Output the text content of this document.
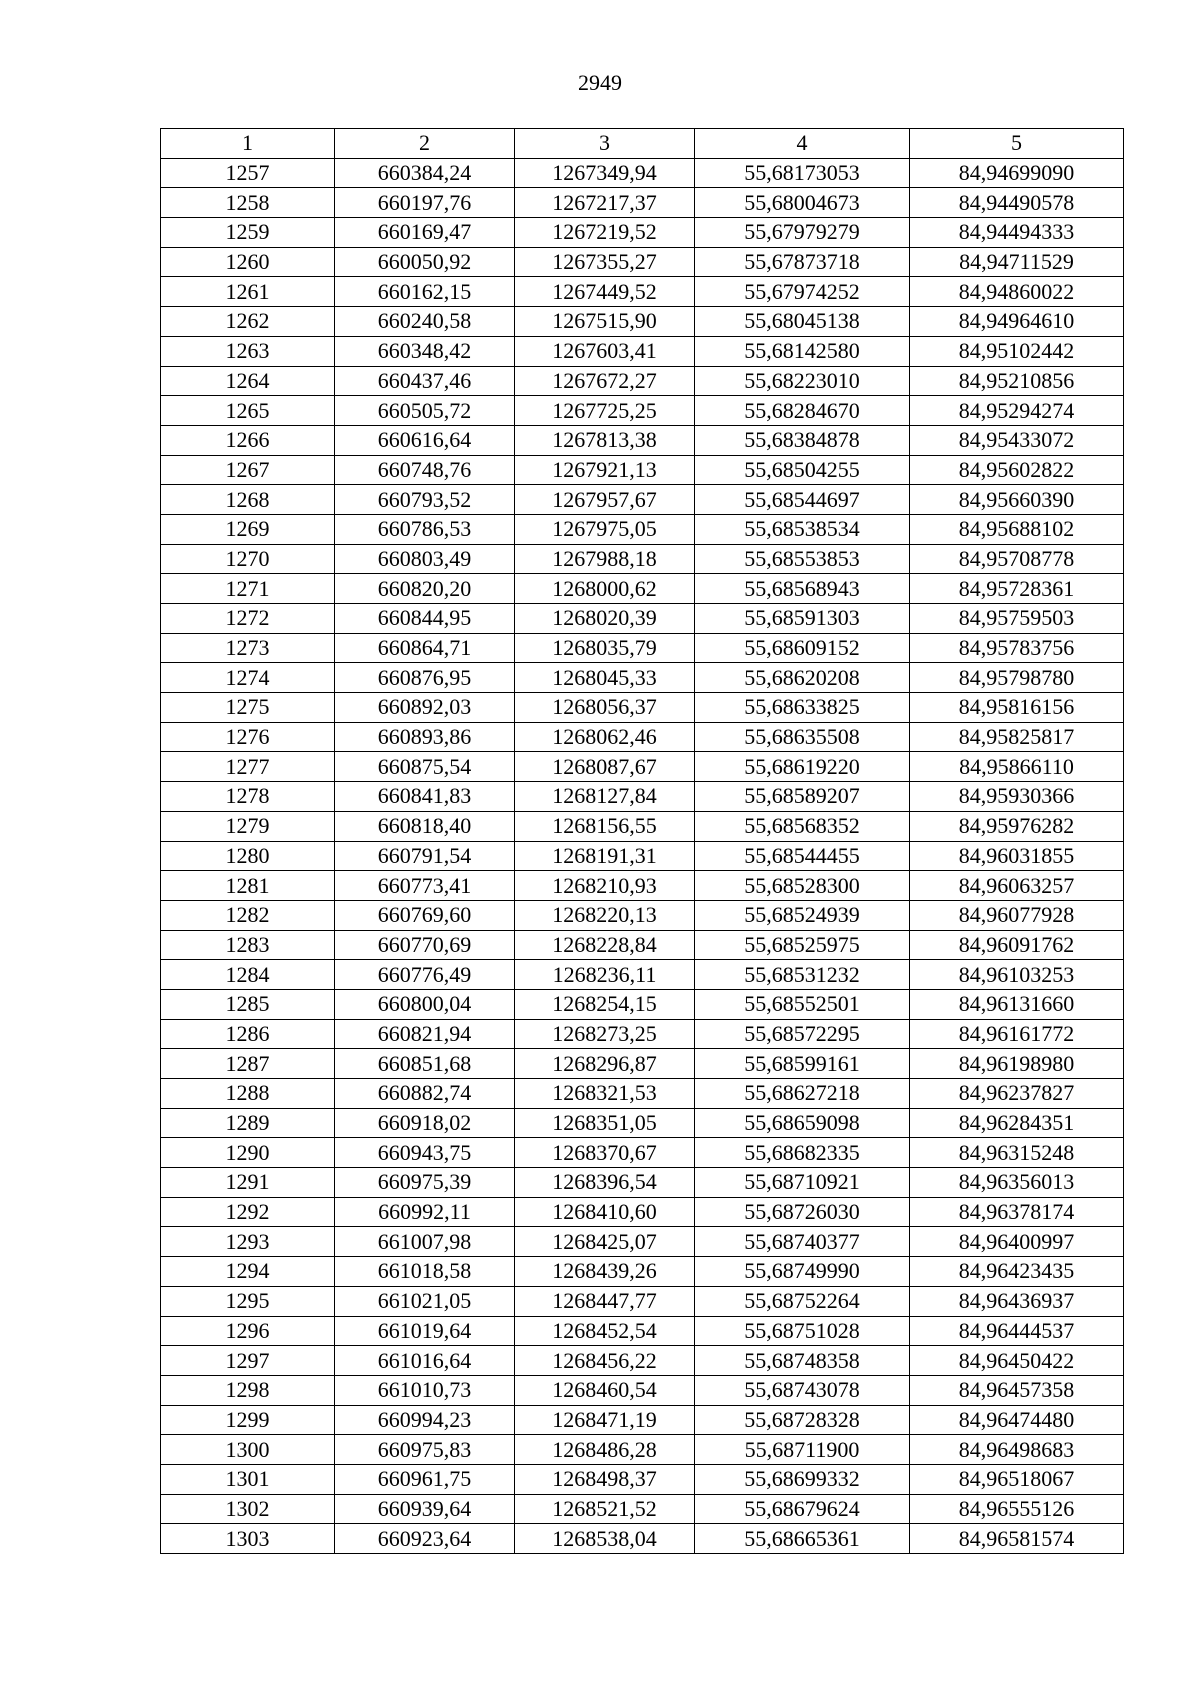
2949
1	2	3	4	5
1257	660384,24	1267349,94	55,68173053	84,94699090
1258	660197,76	1267217,37	55,68004673	84,94490578
1259	660169,47	1267219,52	55,67979279	84,94494333
1260	660050,92	1267355,27	55,67873718	84,94711529
1261	660162,15	1267449,52	55,67974252	84,94860022
1262	660240,58	1267515,90	55,68045138	84,94964610
1263	660348,42	1267603,41	55,68142580	84,95102442
1264	660437,46	1267672,27	55,68223010	84,95210856
1265	660505,72	1267725,25	55,68284670	84,95294274
1266	660616,64	1267813,38	55,68384878	84,95433072
1267	660748,76	1267921,13	55,68504255	84,95602822
1268	660793,52	1267957,67	55,68544697	84,95660390
1269	660786,53	1267975,05	55,68538534	84,95688102
1270	660803,49	1267988,18	55,68553853	84,95708778
1271	660820,20	1268000,62	55,68568943	84,95728361
1272	660844,95	1268020,39	55,68591303	84,95759503
1273	660864,71	1268035,79	55,68609152	84,95783756
1274	660876,95	1268045,33	55,68620208	84,95798780
1275	660892,03	1268056,37	55,68633825	84,95816156
1276	660893,86	1268062,46	55,68635508	84,95825817
1277	660875,54	1268087,67	55,68619220	84,95866110
1278	660841,83	1268127,84	55,68589207	84,95930366
1279	660818,40	1268156,55	55,68568352	84,95976282
1280	660791,54	1268191,31	55,68544455	84,96031855
1281	660773,41	1268210,93	55,68528300	84,96063257
1282	660769,60	1268220,13	55,68524939	84,96077928
1283	660770,69	1268228,84	55,68525975	84,96091762
1284	660776,49	1268236,11	55,68531232	84,96103253
1285	660800,04	1268254,15	55,68552501	84,96131660
1286	660821,94	1268273,25	55,68572295	84,96161772
1287	660851,68	1268296,87	55,68599161	84,96198980
1288	660882,74	1268321,53	55,68627218	84,96237827
1289	660918,02	1268351,05	55,68659098	84,96284351
1290	660943,75	1268370,67	55,68682335	84,96315248
1291	660975,39	1268396,54	55,68710921	84,96356013
1292	660992,11	1268410,60	55,68726030	84,96378174
1293	661007,98	1268425,07	55,68740377	84,96400997
1294	661018,58	1268439,26	55,68749990	84,96423435
1295	661021,05	1268447,77	55,68752264	84,96436937
1296	661019,64	1268452,54	55,68751028	84,96444537
1297	661016,64	1268456,22	55,68748358	84,96450422
1298	661010,73	1268460,54	55,68743078	84,96457358
1299	660994,23	1268471,19	55,68728328	84,96474480
1300	660975,83	1268486,28	55,68711900	84,96498683
1301	660961,75	1268498,37	55,68699332	84,96518067
1302	660939,64	1268521,52	55,68679624	84,96555126
1303	660923,64	1268538,04	55,68665361	84,96581574
